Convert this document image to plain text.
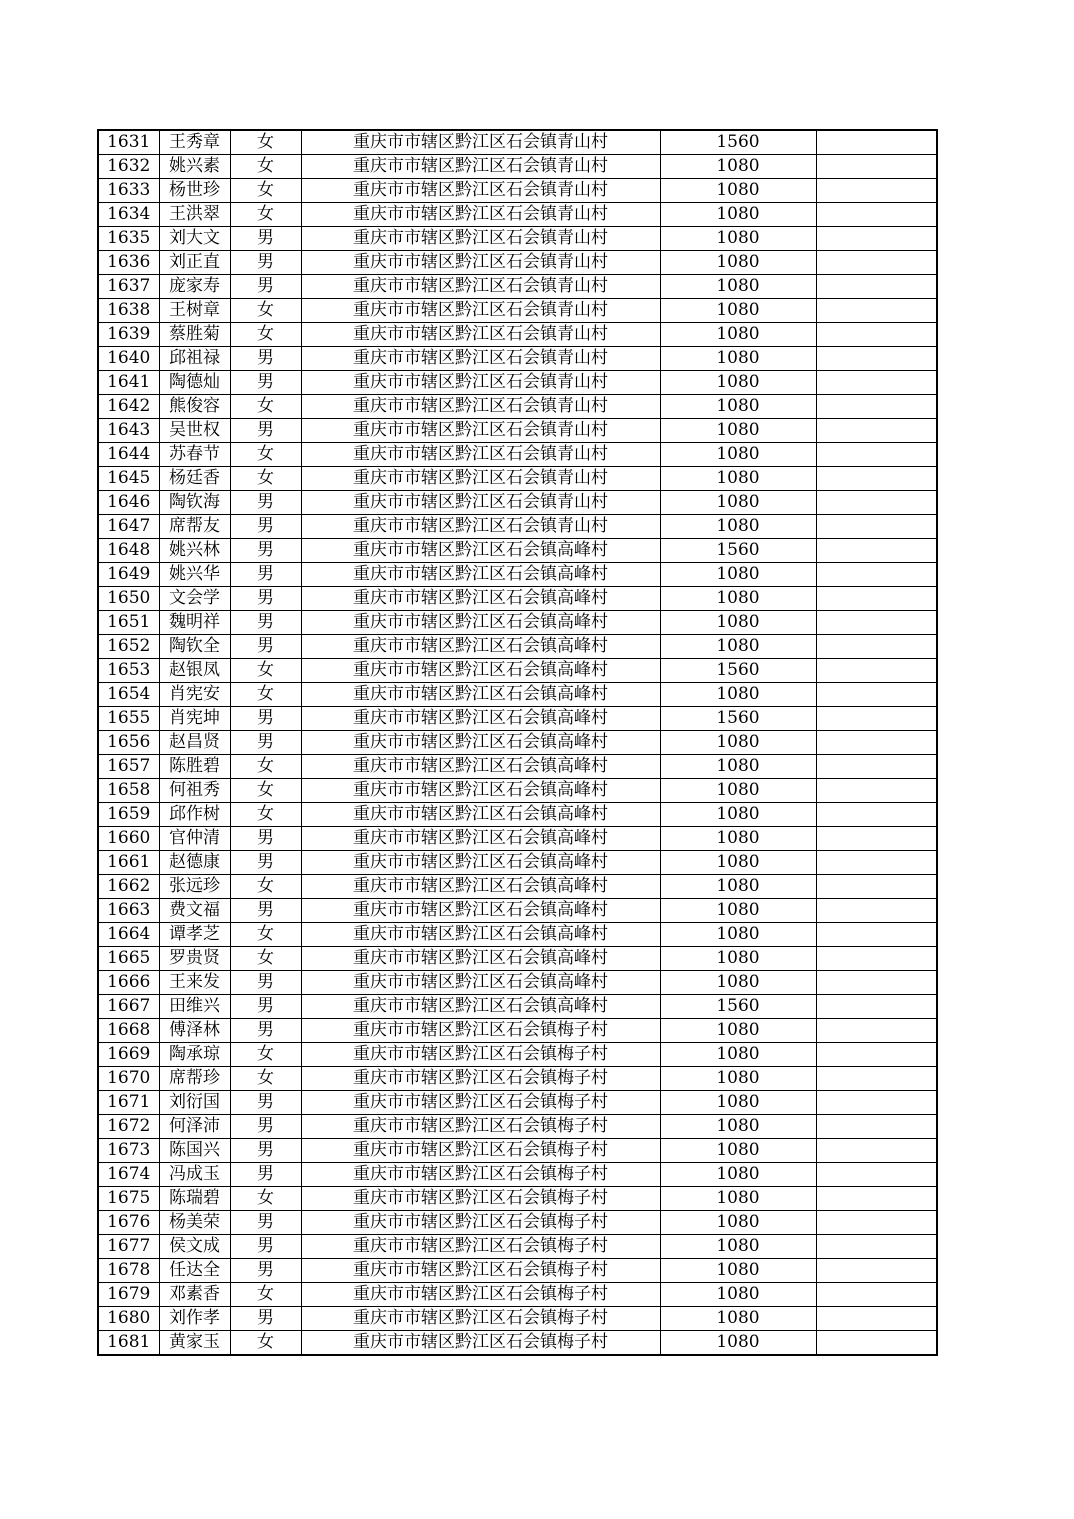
1631	王秀章	女	重庆市市辖区黔江区石会镇青山村	1560	
1632	姚兴素	女	重庆市市辖区黔江区石会镇青山村	1080	
1633	杨世珍	女	重庆市市辖区黔江区石会镇青山村	1080	
1634	王洪翠	女	重庆市市辖区黔江区石会镇青山村	1080	
1635	刘大文	男	重庆市市辖区黔江区石会镇青山村	1080	
1636	刘正直	男	重庆市市辖区黔江区石会镇青山村	1080	
1637	庞家寿	男	重庆市市辖区黔江区石会镇青山村	1080	
1638	王树章	女	重庆市市辖区黔江区石会镇青山村	1080	
1639	蔡胜菊	女	重庆市市辖区黔江区石会镇青山村	1080	
1640	邱祖禄	男	重庆市市辖区黔江区石会镇青山村	1080	
1641	陶德灿	男	重庆市市辖区黔江区石会镇青山村	1080	
1642	熊俊容	女	重庆市市辖区黔江区石会镇青山村	1080	
1643	吴世权	男	重庆市市辖区黔江区石会镇青山村	1080	
1644	苏春节	女	重庆市市辖区黔江区石会镇青山村	1080	
1645	杨廷香	女	重庆市市辖区黔江区石会镇青山村	1080	
1646	陶钦海	男	重庆市市辖区黔江区石会镇青山村	1080	
1647	席帮友	男	重庆市市辖区黔江区石会镇青山村	1080	
1648	姚兴林	男	重庆市市辖区黔江区石会镇高峰村	1560	
1649	姚兴华	男	重庆市市辖区黔江区石会镇高峰村	1080	
1650	文会学	男	重庆市市辖区黔江区石会镇高峰村	1080	
1651	魏明祥	男	重庆市市辖区黔江区石会镇高峰村	1080	
1652	陶钦全	男	重庆市市辖区黔江区石会镇高峰村	1080	
1653	赵银凤	女	重庆市市辖区黔江区石会镇高峰村	1560	
1654	肖宪安	女	重庆市市辖区黔江区石会镇高峰村	1080	
1655	肖宪坤	男	重庆市市辖区黔江区石会镇高峰村	1560	
1656	赵昌贤	男	重庆市市辖区黔江区石会镇高峰村	1080	
1657	陈胜碧	女	重庆市市辖区黔江区石会镇高峰村	1080	
1658	何祖秀	女	重庆市市辖区黔江区石会镇高峰村	1080	
1659	邱作树	女	重庆市市辖区黔江区石会镇高峰村	1080	
1660	官仲清	男	重庆市市辖区黔江区石会镇高峰村	1080	
1661	赵德康	男	重庆市市辖区黔江区石会镇高峰村	1080	
1662	张远珍	女	重庆市市辖区黔江区石会镇高峰村	1080	
1663	费文福	男	重庆市市辖区黔江区石会镇高峰村	1080	
1664	谭孝芝	女	重庆市市辖区黔江区石会镇高峰村	1080	
1665	罗贵贤	女	重庆市市辖区黔江区石会镇高峰村	1080	
1666	王来发	男	重庆市市辖区黔江区石会镇高峰村	1080	
1667	田维兴	男	重庆市市辖区黔江区石会镇高峰村	1560	
1668	傅泽林	男	重庆市市辖区黔江区石会镇梅子村	1080	
1669	陶承琼	女	重庆市市辖区黔江区石会镇梅子村	1080	
1670	席帮珍	女	重庆市市辖区黔江区石会镇梅子村	1080	
1671	刘衍国	男	重庆市市辖区黔江区石会镇梅子村	1080	
1672	何泽沛	男	重庆市市辖区黔江区石会镇梅子村	1080	
1673	陈国兴	男	重庆市市辖区黔江区石会镇梅子村	1080	
1674	冯成玉	男	重庆市市辖区黔江区石会镇梅子村	1080	
1675	陈瑞碧	女	重庆市市辖区黔江区石会镇梅子村	1080	
1676	杨美荣	男	重庆市市辖区黔江区石会镇梅子村	1080	
1677	侯文成	男	重庆市市辖区黔江区石会镇梅子村	1080	
1678	任达全	男	重庆市市辖区黔江区石会镇梅子村	1080	
1679	邓素香	女	重庆市市辖区黔江区石会镇梅子村	1080	
1680	刘作孝	男	重庆市市辖区黔江区石会镇梅子村	1080	
1681	黄家玉	女	重庆市市辖区黔江区石会镇梅子村	1080	
